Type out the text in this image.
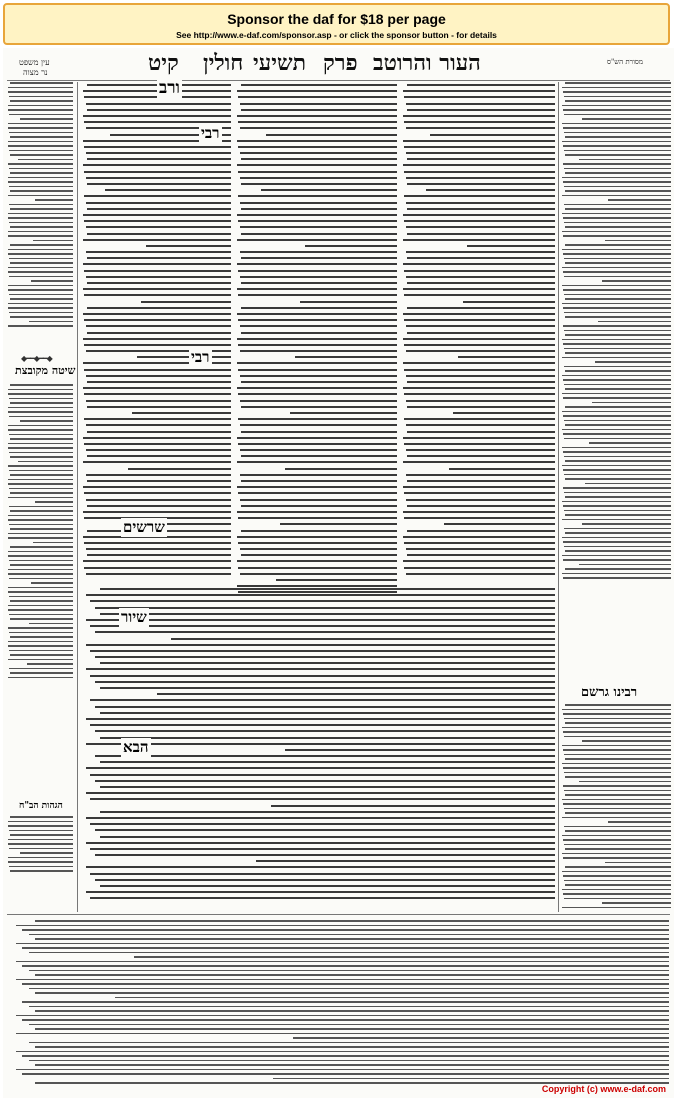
Sponsor the daf for $18 per page
See http://www.e-daf.com/sponsor.asp - or click the sponsor button - for details
קיט	תשיעי
חולין	פרק העור והרוטב	מסורת הש"ס
עין משפט
נר מצוה
◆━━◆━━◆
שיטה מקובצת
הגהות הב"ח
רבינו גרשם
ורב
רבי
רבי
שרשים
שיור
הבא
Copyright (c) www.e-daf.com
